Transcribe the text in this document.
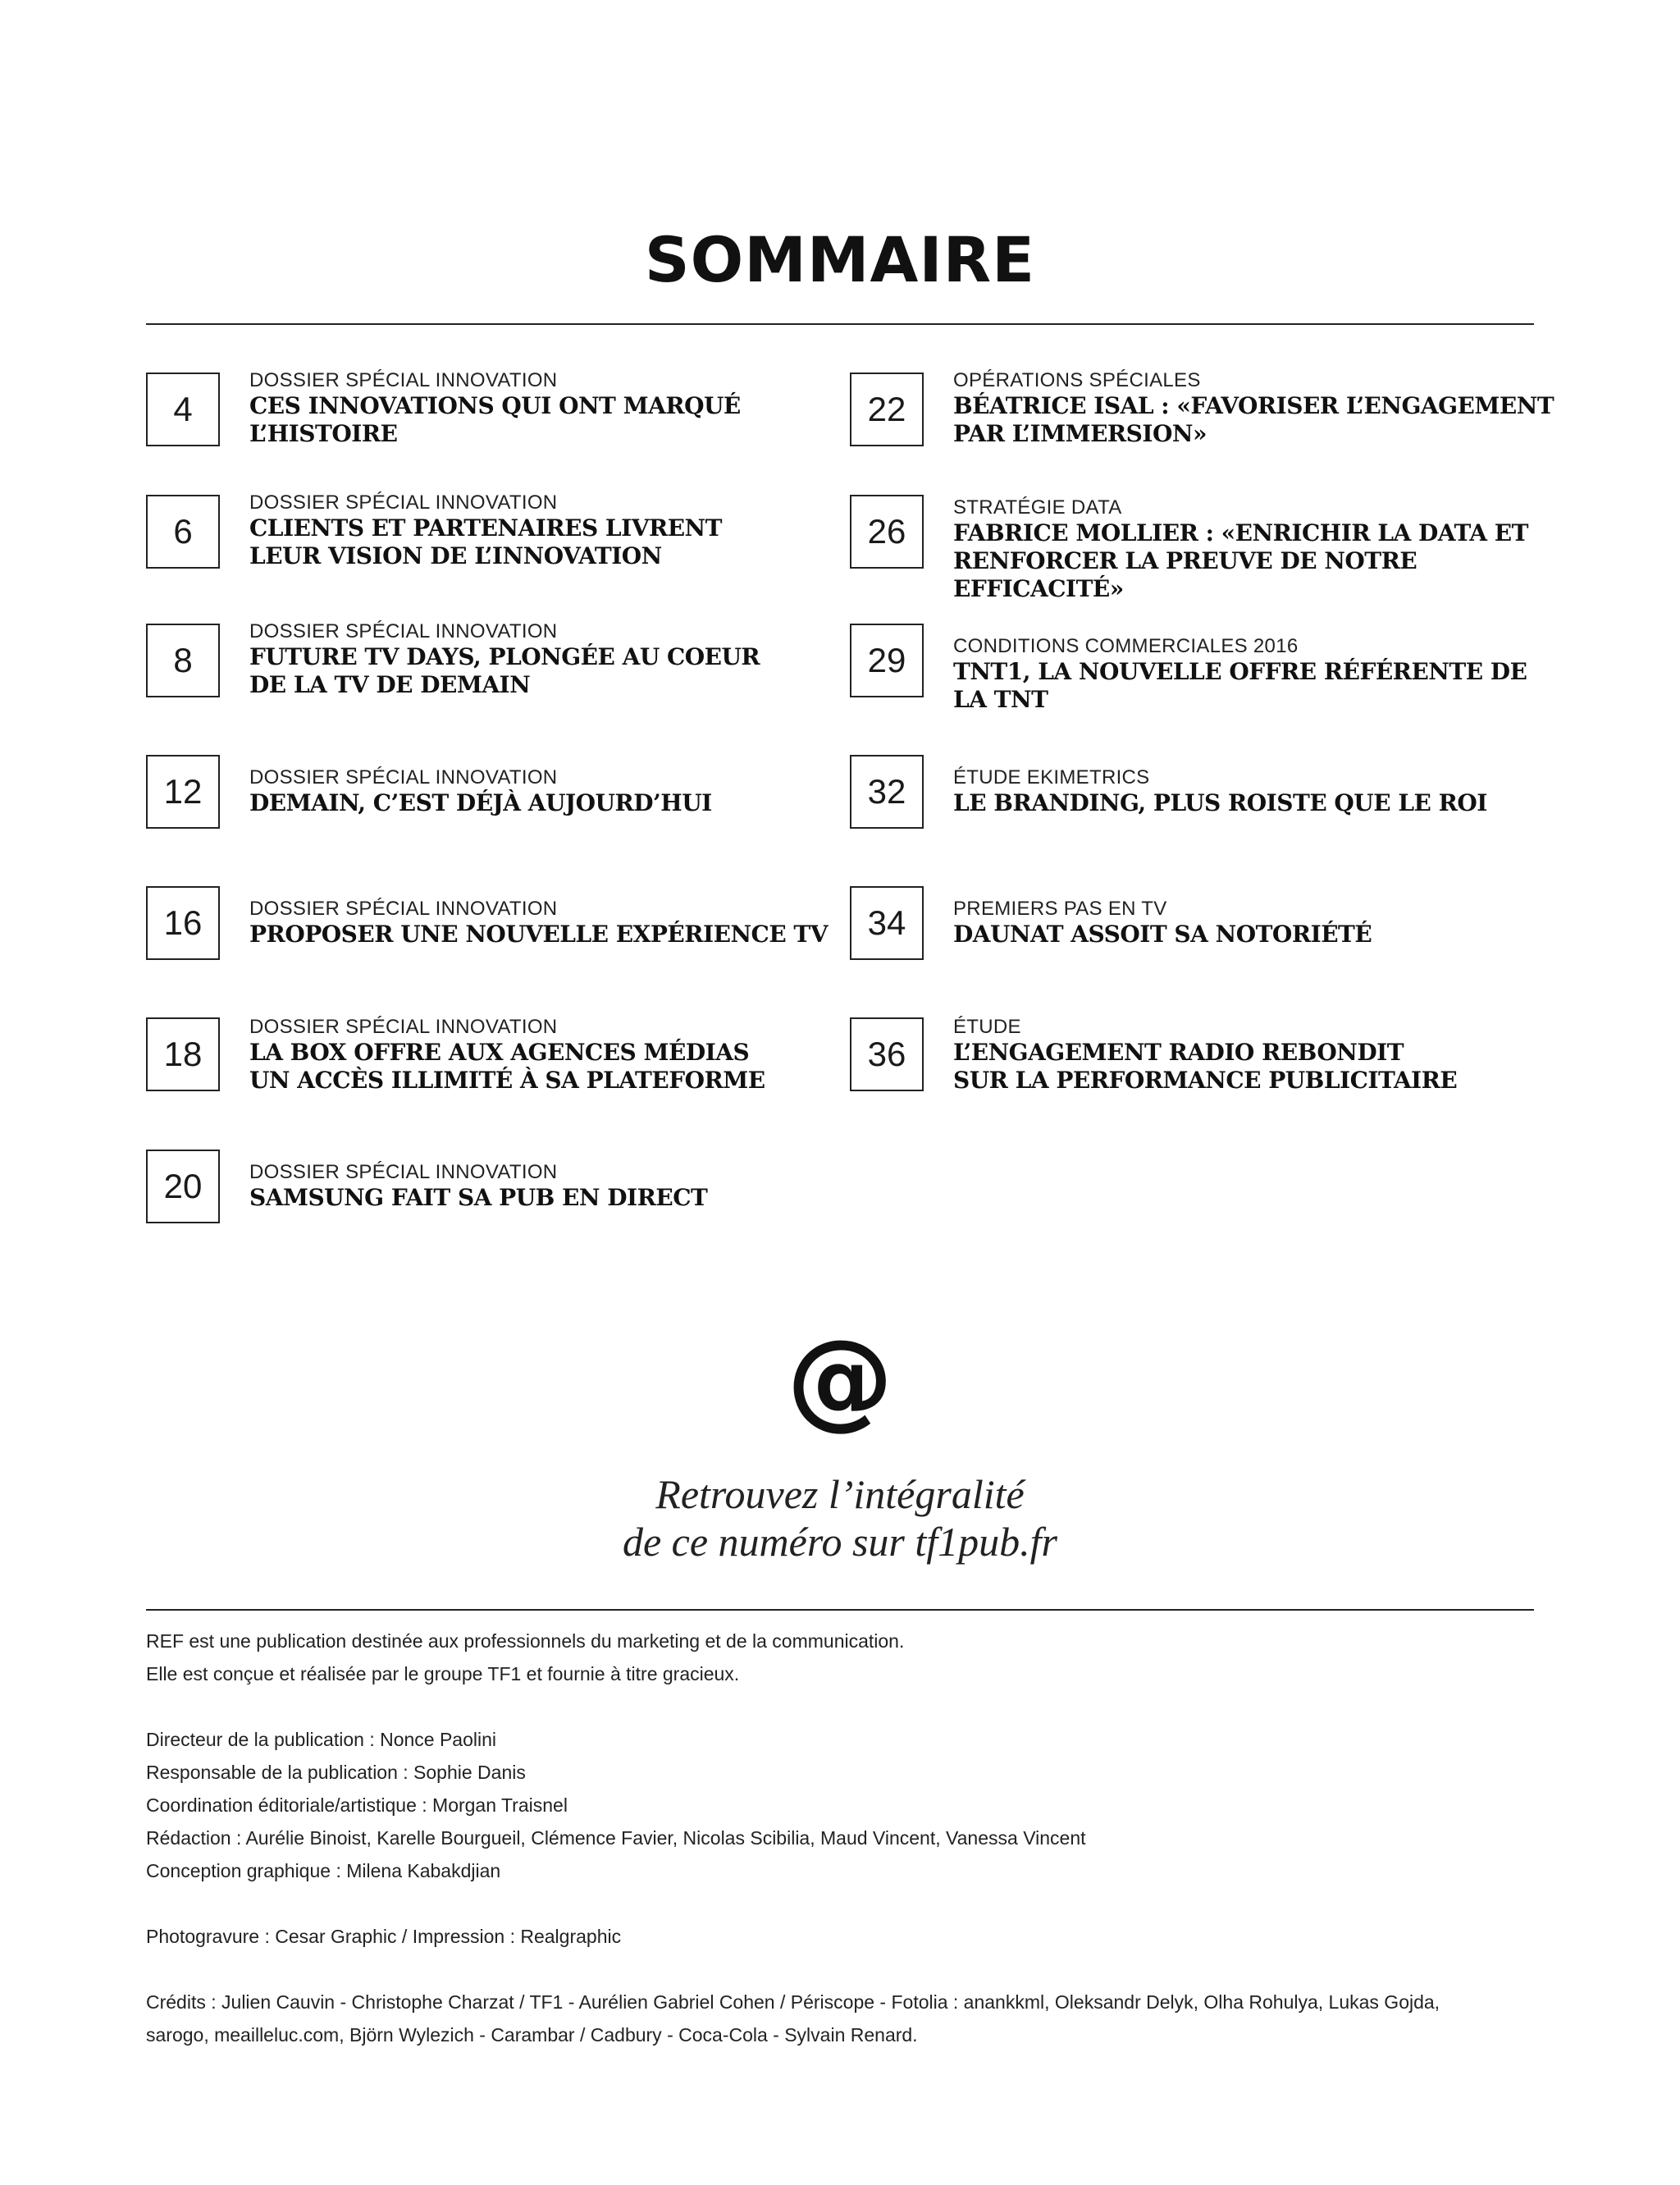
SOMMAIRE
4
DOSSIER SPÉCIAL INNOVATION
CES INNOVATIONS QUI ONT MARQUÉ
L’HISTOIRE
6
DOSSIER SPÉCIAL INNOVATION
CLIENTS ET PARTENAIRES LIVRENT
LEUR VISION DE L’INNOVATION
8
DOSSIER SPÉCIAL INNOVATION
FUTURE TV DAYS, PLONGÉE AU COEUR
DE LA TV DE DEMAIN
12	DOSSIER SPÉCIAL INNOVATION
DEMAIN, C’EST DÉJÀ AUJOURD’HUI
16	DOSSIER SPÉCIAL INNOVATION
PROPOSER UNE NOUVELLE EXPÉRIENCE TV
18
DOSSIER SPÉCIAL INNOVATION
LA BOX OFFRE AUX AGENCES MÉDIAS
UN ACCÈS ILLIMITÉ À SA PLATEFORME
20	DOSSIER SPÉCIAL INNOVATION
SAMSUNG FAIT SA PUB EN DIRECT
22
OPÉRATIONS SPÉCIALES
BÉATRICE ISAL : «FAVORISER L’ENGAGEMENT
PAR L’IMMERSION»
26
STRATÉGIE DATA
FABRICE MOLLIER : «ENRICHIR LA DATA ET
RENFORCER LA PREUVE DE NOTRE EFFICACITÉ»
29	CONDITIONS COMMERCIALES 2016
TNT1, LA NOUVELLE OFFRE RÉFÉRENTE DE LA TNT
32	ÉTUDE EKIMETRICS
LE BRANDING, PLUS ROISTE QUE LE ROI
34	PREMIERS PAS EN TV
DAUNAT ASSOIT SA NOTORIÉTÉ
36
ÉTUDE
L’ENGAGEMENT RADIO REBONDIT
SUR LA PERFORMANCE PUBLICITAIRE
@
Retrouvez l’intégralité
de ce numéro sur tf1pub.fr
REF est une publication destinée aux professionnels du marketing et de la communication.
Elle est conçue et réalisée par le groupe TF1 et fournie à titre gracieux.
Directeur de la publication : Nonce Paolini
Responsable de la publication : Sophie Danis
Coordination éditoriale/artistique : Morgan Traisnel
Rédaction : Aurélie Binoist, Karelle Bourgueil, Clémence Favier, Nicolas Scibilia, Maud Vincent, Vanessa Vincent
Conception graphique : Milena Kabakdjian
Photogravure : Cesar Graphic / Impression : Realgraphic
Crédits : Julien Cauvin - Christophe Charzat / TF1 - Aurélien Gabriel Cohen / Périscope - Fotolia : anankkml, Oleksandr Delyk, Olha Rohulya, Lukas Gojda,
sarogo, meailleluc.com, Björn Wylezich - Carambar / Cadbury - Coca-Cola - Sylvain Renard.
